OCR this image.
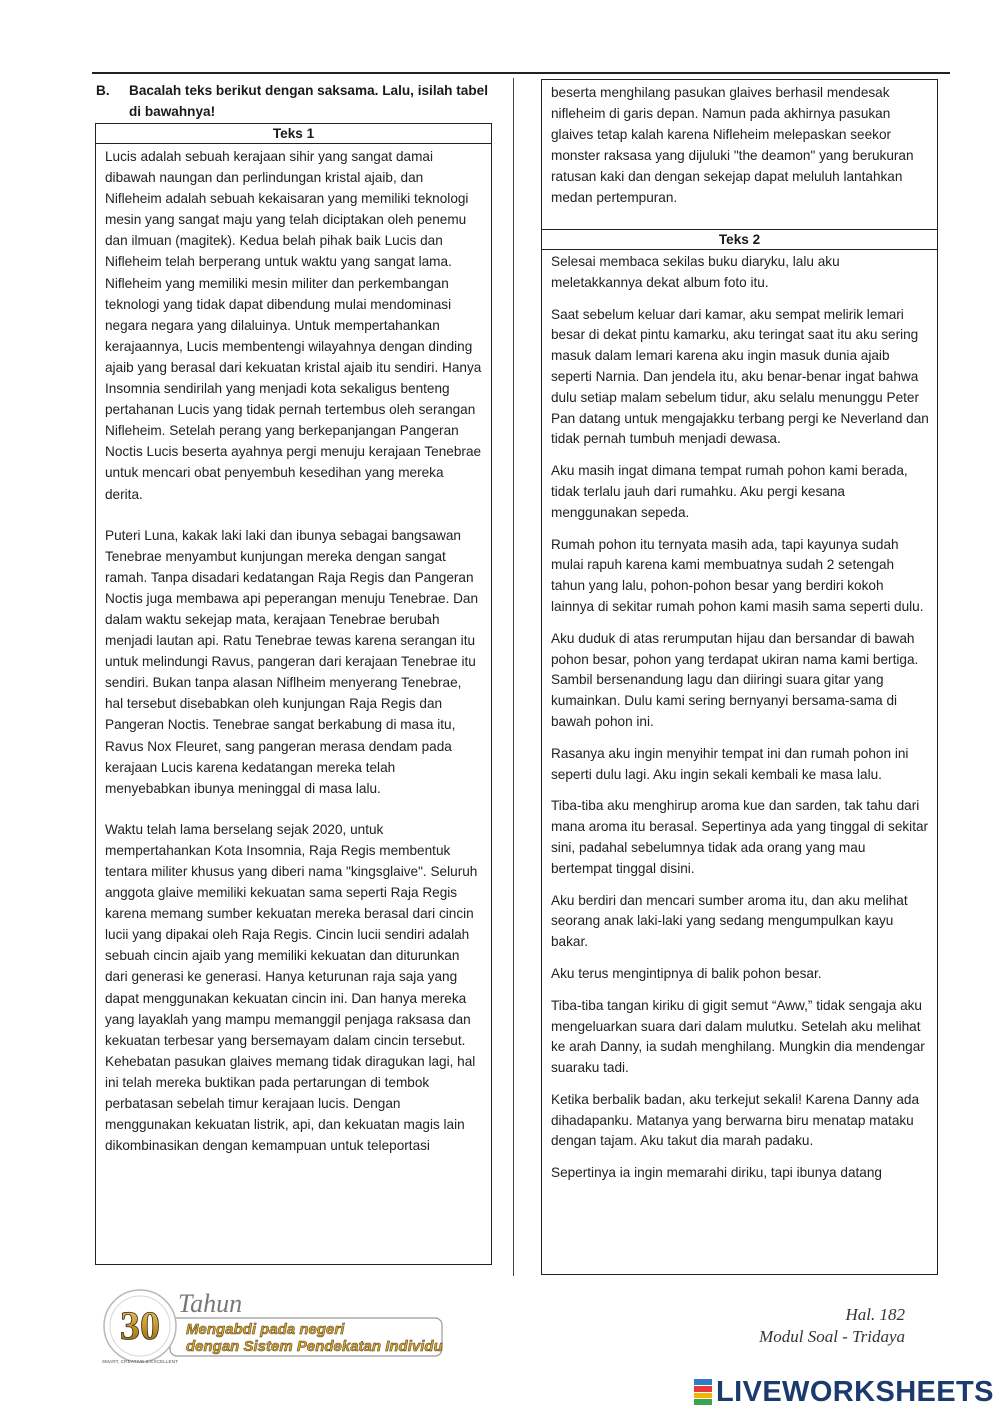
B. Bacalah teks berikut dengan saksama. Lalu, isilah tabel di bawahnya!
Teks 1

Lucis adalah sebuah kerajaan sihir yang sangat damai dibawah naungan dan perlindungan kristal ajaib, dan Nifleheim adalah sebuah kekaisaran yang memiliki teknologi mesin yang sangat maju yang telah diciptakan oleh penemu dan ilmuan (magitek). Kedua belah pihak baik Lucis dan Nifleheim telah berperang untuk waktu yang sangat lama. Nifleheim yang memiliki mesin militer dan perkembangan teknologi yang tidak dapat dibendung mulai mendominasi negara negara yang dilaluinya. Untuk mempertahankan kerajaannya, Lucis membentengi wilayahnya dengan dinding ajaib yang berasal dari kekuatan kristal ajaib itu sendiri. Hanya Insomnia sendirilah yang menjadi kota sekaligus benteng pertahanan Lucis yang tidak pernah tertembus oleh serangan Nifleheim. Setelah perang yang berkepanjangan Pangeran Noctis Lucis beserta ayahnya pergi menuju kerajaan Tenebrae untuk mencari obat penyembuh kesedihan yang mereka derita.

Puteri Luna, kakak laki laki dan ibunya sebagai bangsawan Tenebrae menyambut kunjungan mereka dengan sangat ramah. Tanpa disadari kedatangan Raja Regis dan Pangeran Noctis juga membawa api peperangan menuju Tenebrae. Dan dalam waktu sekejap mata, kerajaan Tenebrae berubah menjadi lautan api. Ratu Tenebrae tewas karena serangan itu untuk melindungi Ravus, pangeran dari kerajaan Tenebrae itu sendiri. Bukan tanpa alasan Niflheim menyerang Tenebrae, hal tersebut disebabkan oleh kunjungan Raja Regis dan Pangeran Noctis. Tenebrae sangat berkabung di masa itu, Ravus Nox Fleuret, sang pangeran merasa dendam pada kerajaan Lucis karena kedatangan mereka telah menyebabkan ibunya meninggal di masa lalu.

Waktu telah lama berselang sejak 2020, untuk mempertahankan Kota Insomnia, Raja Regis membentuk tentara militer khusus yang diberi nama "kingsglaive". Seluruh anggota glaive memiliki kekuatan sama seperti Raja Regis karena memang sumber kekuatan mereka berasal dari cincin lucii yang dipakai oleh Raja Regis. Cincin lucii sendiri adalah sebuah cincin ajaib yang memiliki kekuatan dan diturunkan dari generasi ke generasi. Hanya keturunan raja saja yang dapat menggunakan kekuatan cincin ini. Dan hanya mereka yang layaklah yang mampu memanggil penjaga raksasa dan kekuatan terbesar yang bersemayam dalam cincin tersebut. Kehebatan pasukan glaives memang tidak diragukan lagi, hal ini telah mereka buktikan pada pertarungan di tembok perbatasan sebelah timur kerajaan lucis. Dengan menggunakan kekuatan listrik, api, dan kekuatan magis lain dikombinasikan dengan kemampuan untuk teleportasi

beserta menghilang pasukan glaives berhasil mendesak nifleheim di garis depan. Namun pada akhirnya pasukan glaives tetap kalah karena Nifleheim melepaskan seekor monster raksasa yang dijuluki "the deamon" yang berukuran ratusan kaki dan dengan sekejap dapat meluluh lantahkan medan pertempuran.

Teks 2

Selesai membaca sekilas buku diaryku, lalu aku meletakkannya dekat album foto itu.

Saat sebelum keluar dari kamar, aku sempat melirik lemari besar di dekat pintu kamarku, aku teringat saat itu aku sering masuk dalam lemari karena aku ingin masuk dunia ajaib seperti Narnia. Dan jendela itu, aku benar-benar ingat bahwa dulu setiap malam sebelum tidur, aku selalu menunggu Peter Pan datang untuk mengajakku terbang pergi ke Neverland dan tidak pernah tumbuh menjadi dewasa.

Aku masih ingat dimana tempat rumah pohon kami berada, tidak terlalu jauh dari rumahku. Aku pergi kesana menggunakan sepeda.

Rumah pohon itu ternyata masih ada, tapi kayunya sudah mulai rapuh karena kami membuatnya sudah 2 setengah tahun yang lalu, pohon-pohon besar yang berdiri kokoh lainnya di sekitar rumah pohon kami masih sama seperti dulu.

Aku duduk di atas rerumputan hijau dan bersandar di bawah pohon besar, pohon yang terdapat ukiran nama kami bertiga. Sambil bersenandung lagu dan diiringi suara gitar yang kumainkan. Dulu kami sering bernyanyi bersama-sama di bawah pohon ini.

Rasanya aku ingin menyihir tempat ini dan rumah pohon ini seperti dulu lagi. Aku ingin sekali kembali ke masa lalu.

Tiba-tiba aku menghirup aroma kue dan sarden, tak tahu dari mana aroma itu berasal. Sepertinya ada yang tinggal di sekitar sini, padahal sebelumnya tidak ada orang yang mau bertempat tinggal disini.

Aku berdiri dan mencari sumber aroma itu, dan aku melihat seorang anak laki-laki yang sedang mengumpulkan kayu bakar.

Aku terus mengintipnya di balik pohon besar.

Tiba-tiba tangan kiriku di gigit semut “Aww,” tidak sengaja aku mengeluarkan suara dari dalam mulutku. Setelah aku melihat ke arah Danny, ia sudah menghilang. Mungkin dia mendengar suaraku tadi.

Ketika berbalik badan, aku terkejut sekali! Karena Danny ada dihadapanku. Matanya yang berwarna biru menatap mataku dengan tajam. Aku takut dia marah padaku.

Sepertinya ia ingin memarahi diriku, tapi ibunya datang

30
SMART, CREATIVE & EXCELLENT
Tahun
Mengabdi pada negeri
dengan Sistem Pendekatan Individu
Hal. 182
Modul Soal - Tridaya
LIVEWORKSHEETS
